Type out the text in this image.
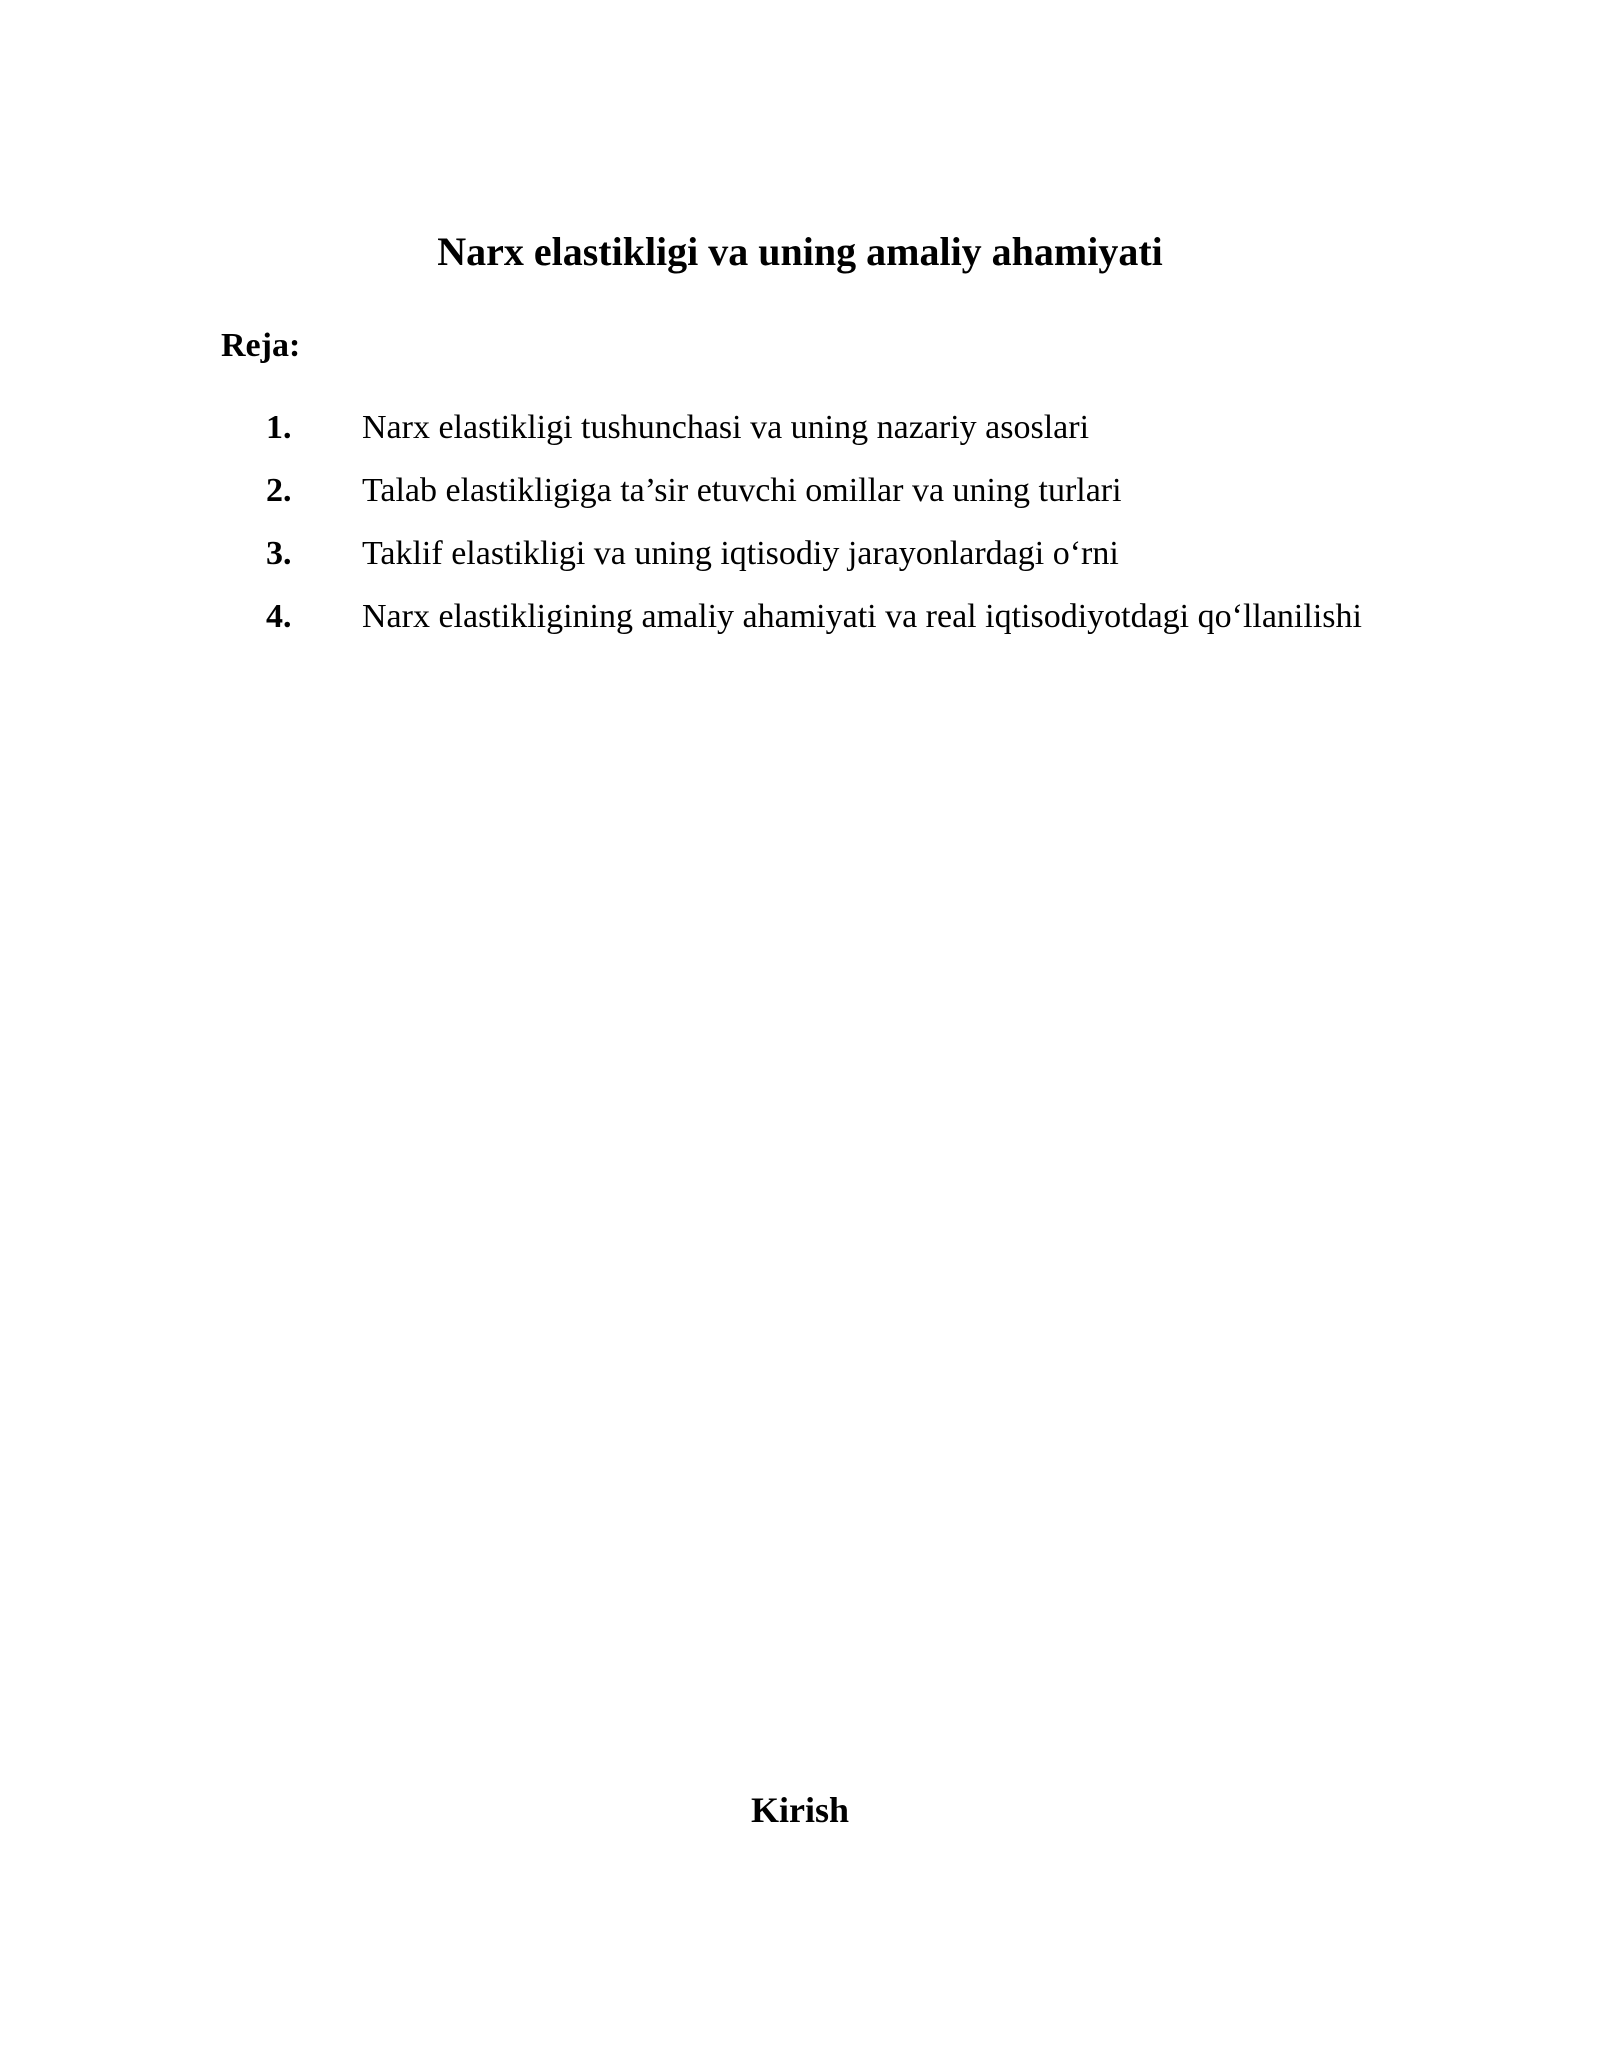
Narx elastikligi va uning amaliy ahamiyati
Reja:
1. Narx elastikligi tushunchasi va uning nazariy asoslari
2. Talab elastikligiga ta’sir etuvchi omillar va uning turlari
3. Taklif elastikligi va uning iqtisodiy jarayonlardagi o‘rni
4. Narx elastikligining amaliy ahamiyati va real iqtisodiyotdagi qo‘llanilishi
Kirish
